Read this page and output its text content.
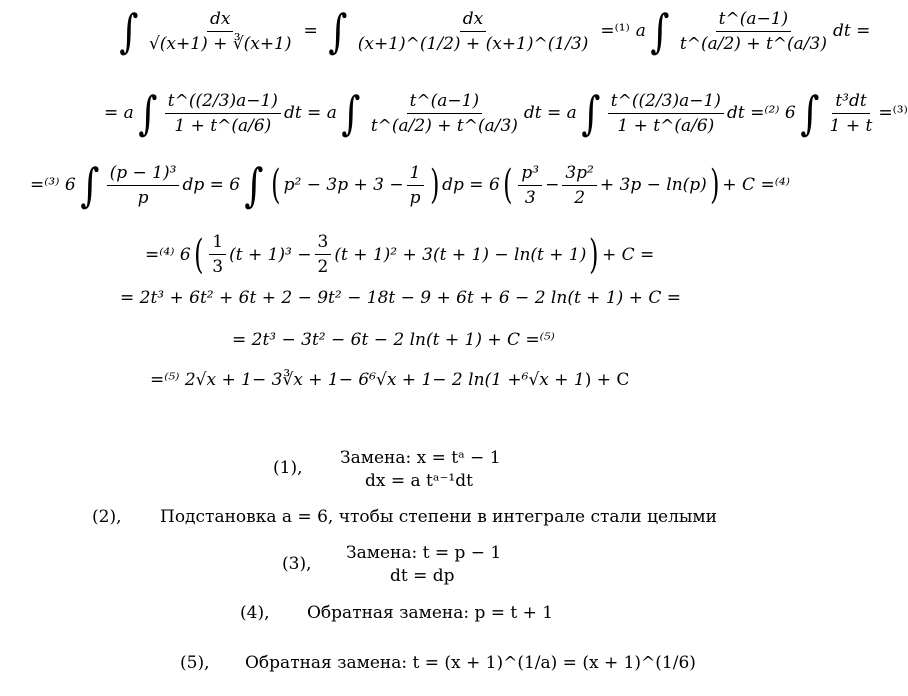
∫ $\frac{dx}{√(x+1) + ∛(x+1)}$ = ∫ $\frac{dx}{(x+1)\^{}(1/2) + (x+1)\^{}(1/3)} =^{(1)}$ a ∫ $\frac{t\^{}(a-1)}{t\^{}(a/2) + t\^{}(a/3)}$ dt =
= a ∫ $\frac{t\^{}((2/3)a-1)}{1 + t\^{}(a/6)}$ dt = a ∫ $\frac{t\^{}(a-1)}{t\^{}(a/2) + t\^{}(a/3)}$ dt = a ∫ $\frac{t\^{}((2/3)a-1)}{1 + t\^{}(a/6)}$ dt =⁽²⁾ 6 ∫ $\frac{\text{t³dt}}{1 + t} =^{(3)}$
=⁽³⁾ 6 ∫ $\frac{\text{(p − 1)³}}{p}$ dp = 6 ∫ ( $p^2 - 3p + 3 - \frac{1}{p}$ ) dp = 6 ( $\frac{\text{p³}}{3} - \frac{\text{3p²}}{2} + 3p - \ln(p)$ ) + C =⁽⁴⁾
=⁽⁴⁾ 6 ( $\frac{1}{3} (t + 1)^3 - \frac{3}{2} (t + 1)^2 + 3(t + 1) - \ln(t + 1)$ ) + C =
= 2t³ + 6t² + 6t + 2 − 9t² − 18t − 9 + 6t + 6 − 2 ln(t + 1) + C =
= 2t³ − 3t² − 6t − 2 ln(t + 1) + C =⁽⁵⁾
=⁽⁵⁾ 2 √x + 1 − 3 ∛x + 1 − 6 ⁶√x + 1 − 2 ln(1 + ⁶√x + 1 ) + C
(1), Замена: x = tᵃ − 1
dx = a tᵃ⁻¹dt
(2), Подстановка a = 6, чтобы степени в интеграле стали целыми
(3),
Замена: t = p − 1
dt = dp
(4), Обратная замена: p = t + 1
(5), Обратная замена: t = (x + 1)^(1/a) = (x + 1)^(1/6)
